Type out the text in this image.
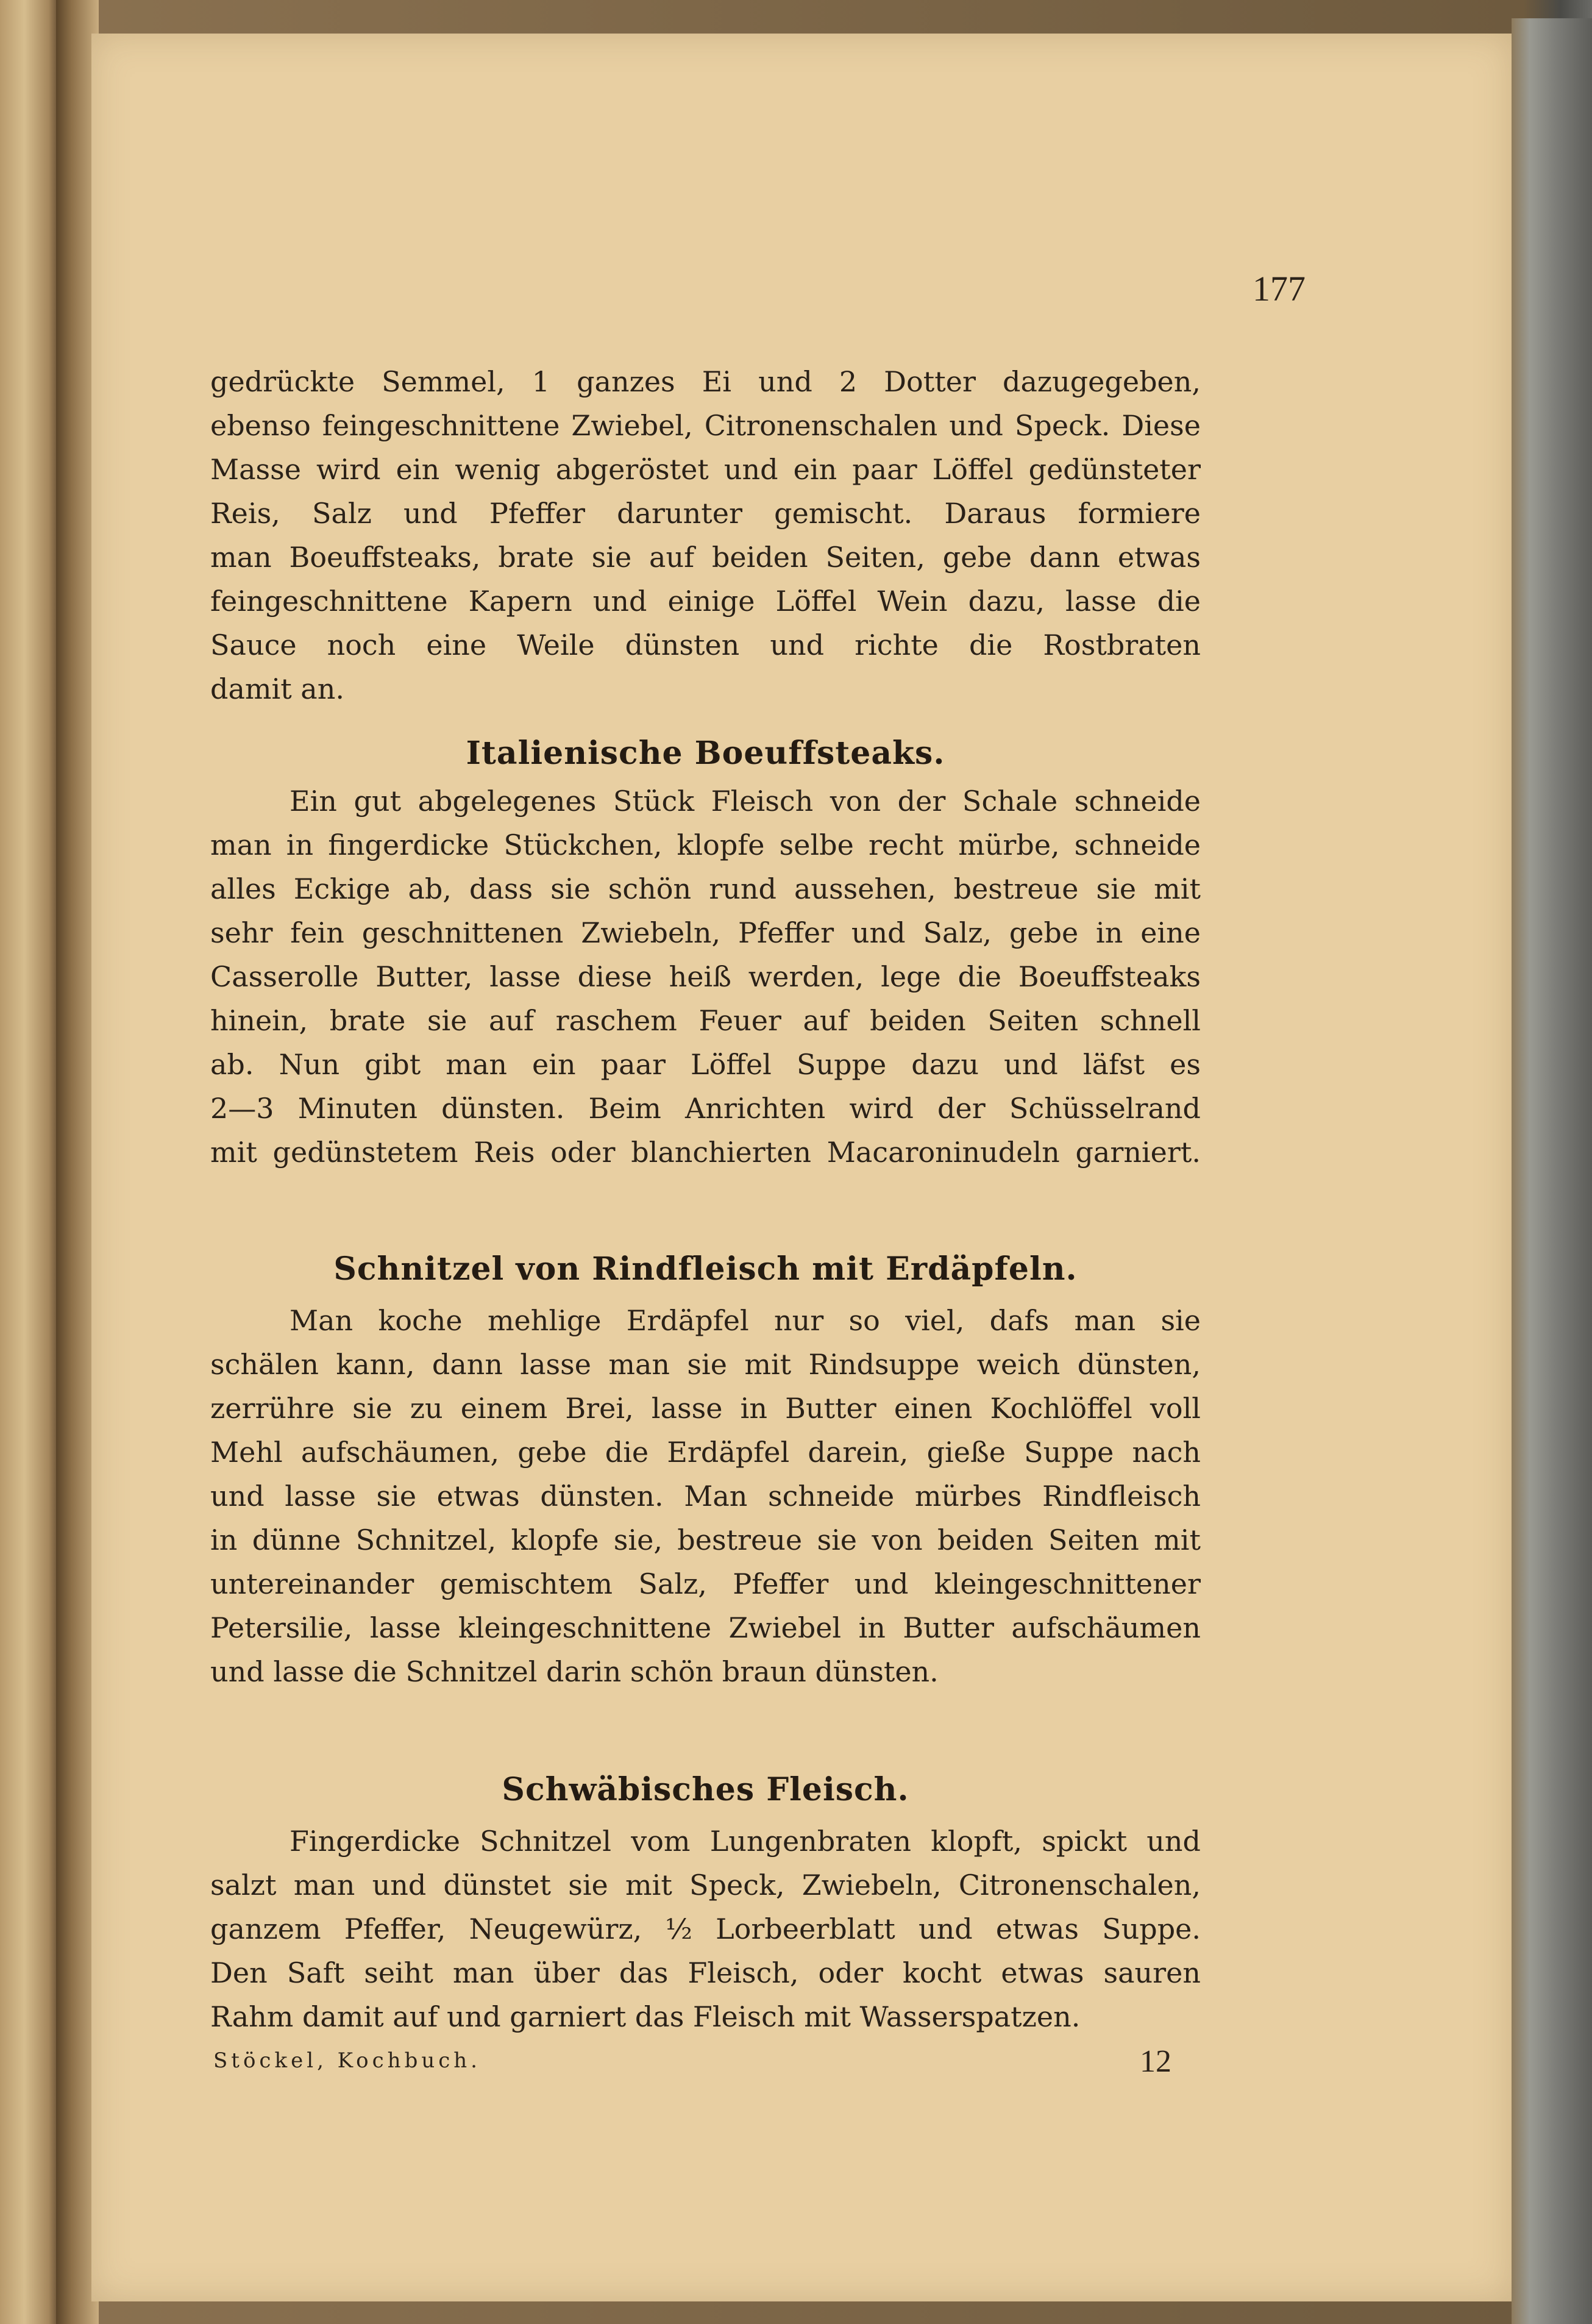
177
gedrückte Semmel, 1 ganzes Ei und 2 Dotter dazugegeben,
ebenso feingeschnittene Zwiebel, Citronenschalen und Speck. Diese
Masse wird ein wenig abgeröstet und ein paar Löffel gedünsteter
Reis, Salz und Pfeffer darunter gemischt. Daraus formiere
man Boeuffsteaks, brate sie auf beiden Seiten, gebe dann etwas
feingeschnittene Kapern und einige Löffel Wein dazu, lasse die
Sauce noch eine Weile dünsten und richte die Rostbraten
damit an.
Italienische Boeuffsteaks.
Ein gut abgelegenes Stück Fleisch von der Schale schneide
man in fingerdicke Stückchen, klopfe selbe recht mürbe, schneide
alles Eckige ab, dass sie schön rund aussehen, bestreue sie mit
sehr fein geschnittenen Zwiebeln, Pfeffer und Salz, gebe in eine
Casserolle Butter, lasse diese heiß werden, lege die Boeuffsteaks
hinein, brate sie auf raschem Feuer auf beiden Seiten schnell
ab. Nun gibt man ein paar Löffel Suppe dazu und läfst es
2—3 Minuten dünsten. Beim Anrichten wird der Schüsselrand
mit gedünstetem Reis oder blanchierten Macaroninudeln garniert.
Schnitzel von Rindfleisch mit Erdäpfeln.
Man koche mehlige Erdäpfel nur so viel, dafs man sie
schälen kann, dann lasse man sie mit Rindsuppe weich dünsten,
zerrühre sie zu einem Brei, lasse in Butter einen Kochlöffel voll
Mehl aufschäumen, gebe die Erdäpfel darein, gieße Suppe nach
und lasse sie etwas dünsten. Man schneide mürbes Rindfleisch
in dünne Schnitzel, klopfe sie, bestreue sie von beiden Seiten mit
untereinander gemischtem Salz, Pfeffer und kleingeschnittener
Petersilie, lasse kleingeschnittene Zwiebel in Butter aufschäumen
und lasse die Schnitzel darin schön braun dünsten.
Schwäbisches Fleisch.
Fingerdicke Schnitzel vom Lungenbraten klopft, spickt und
salzt man und dünstet sie mit Speck, Zwiebeln, Citronenschalen,
ganzem Pfeffer, Neugewürz, ½ Lorbeerblatt und etwas Suppe.
Den Saft seiht man über das Fleisch, oder kocht etwas sauren
Rahm damit auf und garniert das Fleisch mit Wasserspatzen.
Stöckel, Kochbuch.	12
